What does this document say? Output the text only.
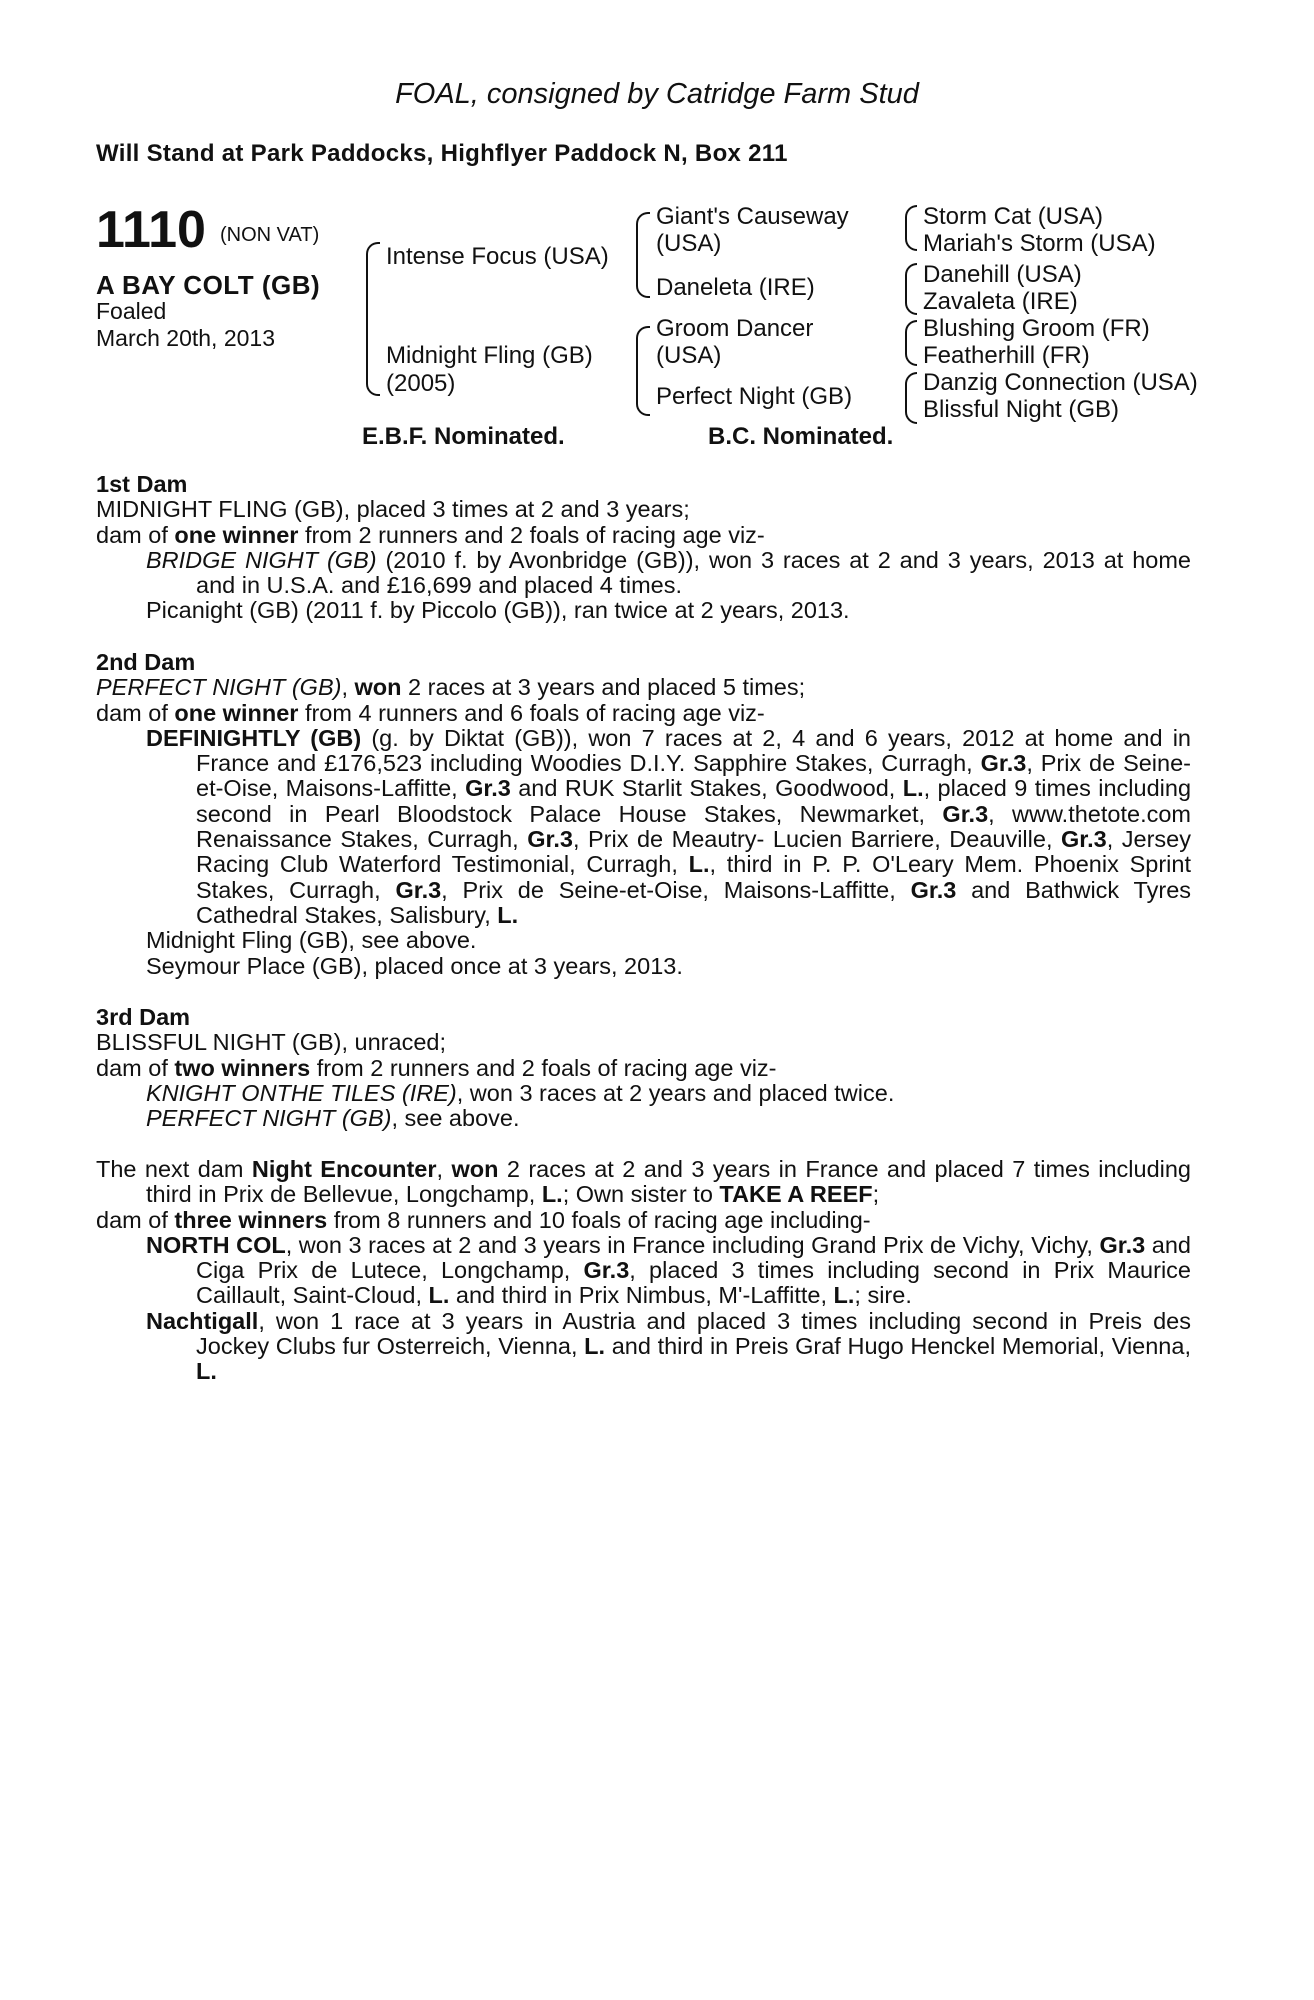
FOAL, consigned by Catridge Farm Stud
Will Stand at Park Paddocks, Highflyer Paddock N, Box 211
1110 (NON VAT)
A BAY COLT (GB)
Foaled
March 20th, 2013
Intense Focus (USA)
Midnight Fling (GB)
(2005)
Giant's Causeway
(USA)
Daneleta (IRE)
Groom Dancer
(USA)
Perfect Night (GB)
Storm Cat (USA)
Mariah's Storm (USA)
Danehill (USA)
Zavaleta (IRE)
Blushing Groom (FR)
Featherhill (FR)
Danzig Connection (USA)
Blissful Night (GB)
E.B.F. Nominated.	B.C. Nominated.

1st Dam

MIDNIGHT FLING (GB), placed 3 times at 2 and 3 years;

dam of one winner from 2 runners and 2 foals of racing age viz-

BRIDGE NIGHT (GB) (2010 f. by Avonbridge (GB)), won 3 races at 2 and 3 years, 2013 at home and in U.S.A. and £16,699 and placed 4 times.

Picanight (GB) (2011 f. by Piccolo (GB)), ran twice at 2 years, 2013.

2nd Dam

PERFECT NIGHT (GB), won 2 races at 3 years and placed 5 times;

dam of one winner from 4 runners and 6 foals of racing age viz-

DEFINIGHTLY (GB) (g. by Diktat (GB)), won 7 races at 2, 4 and 6 years, 2012 at home and in France and £176,523 including Woodies D.I.Y. Sapphire Stakes, Curragh, Gr.3, Prix de Seine-et-Oise, Maisons-Laffitte, Gr.3 and RUK Starlit Stakes, Goodwood, L., placed 9 times including second in Pearl Bloodstock Palace House Stakes, Newmarket, Gr.3, www.thetote.com Renaissance Stakes, Curragh, Gr.3, Prix de Meautry- Lucien Barriere, Deauville, Gr.3, Jersey Racing Club Waterford Testimonial, Curragh, L., third in P. P. O'Leary Mem. Phoenix Sprint Stakes, Curragh, Gr.3, Prix de Seine-et-Oise, Maisons-Laffitte, Gr.3 and Bathwick Tyres Cathedral Stakes, Salisbury, L.

Midnight Fling (GB), see above.

Seymour Place (GB), placed once at 3 years, 2013.

3rd Dam

BLISSFUL NIGHT (GB), unraced;

dam of two winners from 2 runners and 2 foals of racing age viz-

KNIGHT ONTHE TILES (IRE), won 3 races at 2 years and placed twice.

PERFECT NIGHT (GB), see above.

The next dam Night Encounter, won 2 races at 2 and 3 years in France and placed 7 times including third in Prix de Bellevue, Longchamp, L.; Own sister to TAKE A REEF;

dam of three winners from 8 runners and 10 foals of racing age including-

NORTH COL, won 3 races at 2 and 3 years in France including Grand Prix de Vichy, Vichy, Gr.3 and Ciga Prix de Lutece, Longchamp, Gr.3, placed 3 times including second in Prix Maurice Caillault, Saint-Cloud, L. and third in Prix Nimbus, M'-Laffitte, L.; sire.

Nachtigall, won 1 race at 3 years in Austria and placed 3 times including second in Preis des Jockey Clubs fur Osterreich, Vienna, L. and third in Preis Graf Hugo Henckel Memorial, Vienna, L.
